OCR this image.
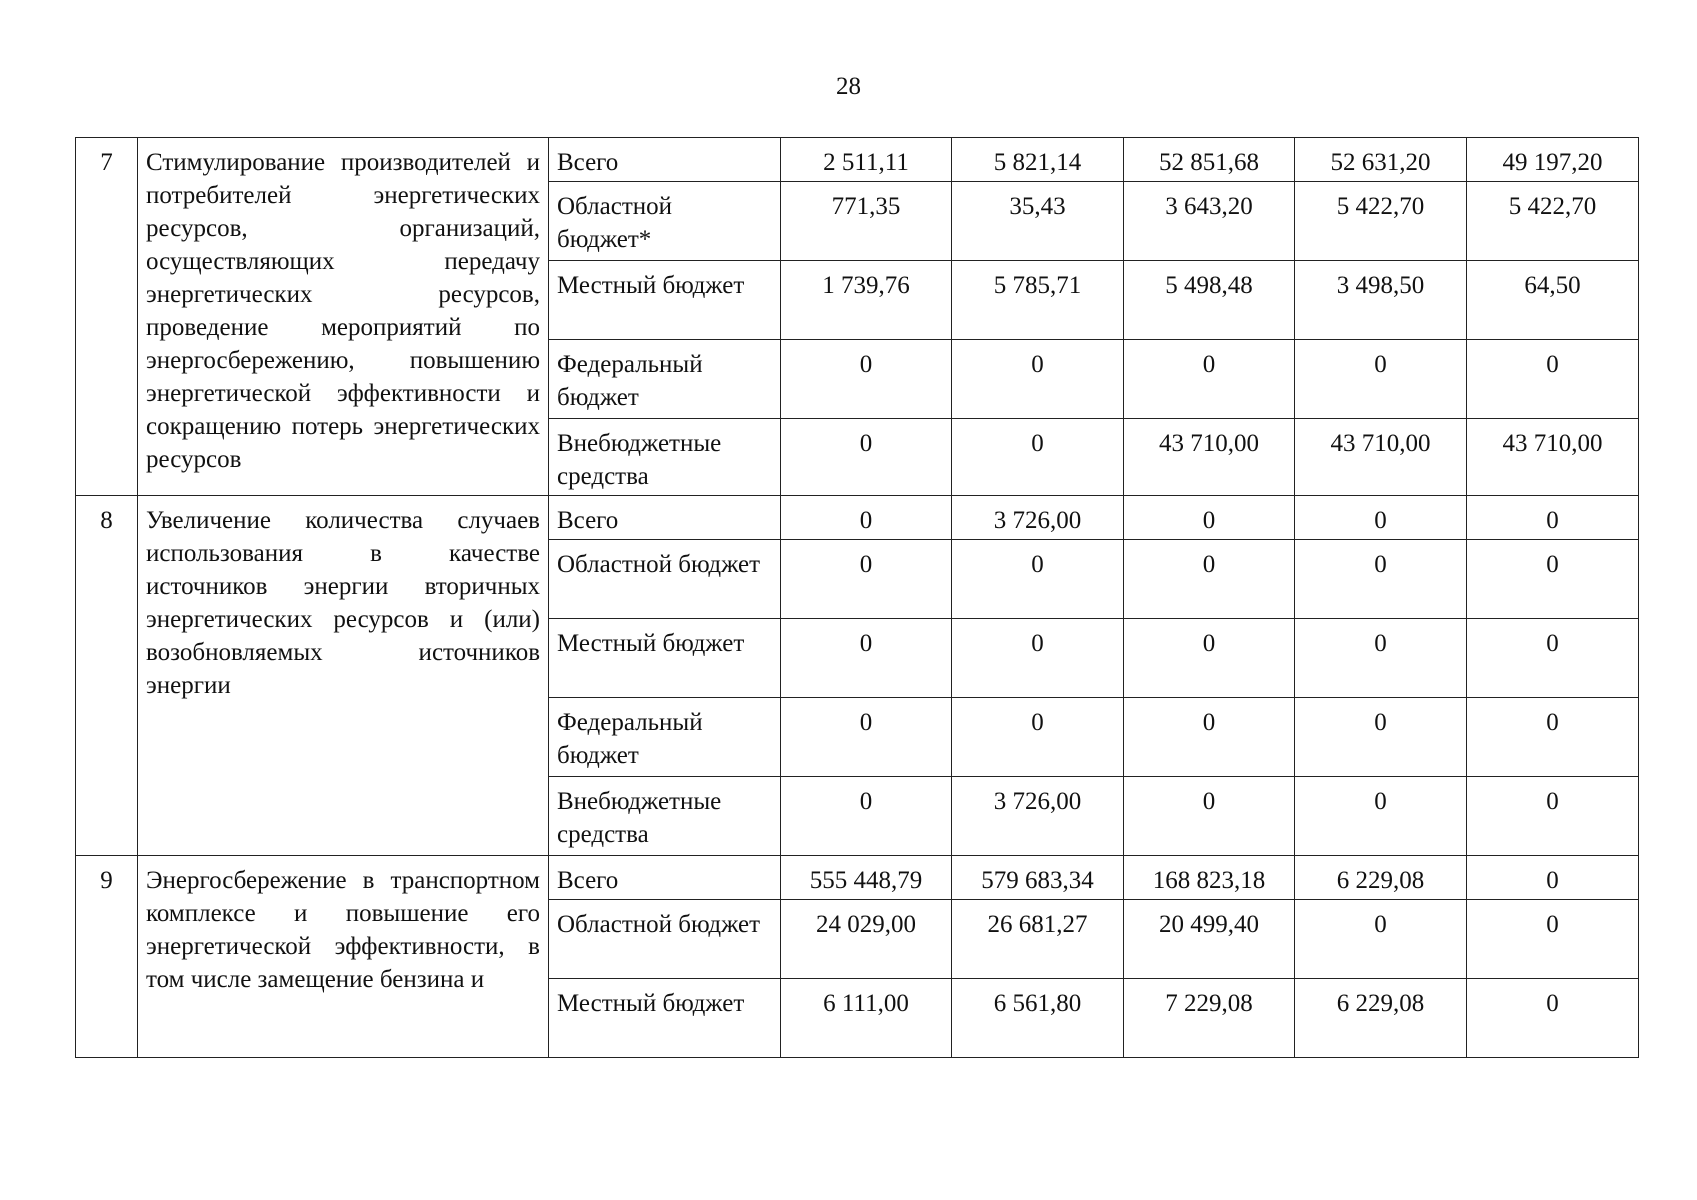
28
7	Стимулирование производителей и потребителей энергетических ресурсов, организаций, осуществляющих передачу энергетических ресурсов, проведение мероприятий по энергосбережению, повышению энергетической эффективности и сокращению потерь энергетических ресурсов	Всего	2 511,11	5 821,14	52 851,68	52 631,20	49 197,20
		Областной бюджет*	771,35	35,43	3 643,20	5 422,70	5 422,70
		Местный бюджет	1 739,76	5 785,71	5 498,48	3 498,50	64,50
		Федеральный бюджет	0	0	0	0	0
		Внебюджетные средства	0	0	43 710,00	43 710,00	43 710,00
8	Увеличение количества случаев использования в качестве источников энергии вторичных энергетических ресурсов и (или) возобновляемых источников энергии	Всего	0	3 726,00	0	0	0
		Областной бюджет	0	0	0	0	0
		Местный бюджет	0	0	0	0	0
		Федеральный бюджет	0	0	0	0	0
		Внебюджетные средства	0	3 726,00	0	0	0
9	Энергосбережение в транспортном комплексе и повышение его энергетической эффективности, в том числе замещение бензина и	Всего	555 448,79	579 683,34	168 823,18	6 229,08	0
		Областной бюджет	24 029,00	26 681,27	20 499,40	0	0
		Местный бюджет	6 111,00	6 561,80	7 229,08	6 229,08	0
